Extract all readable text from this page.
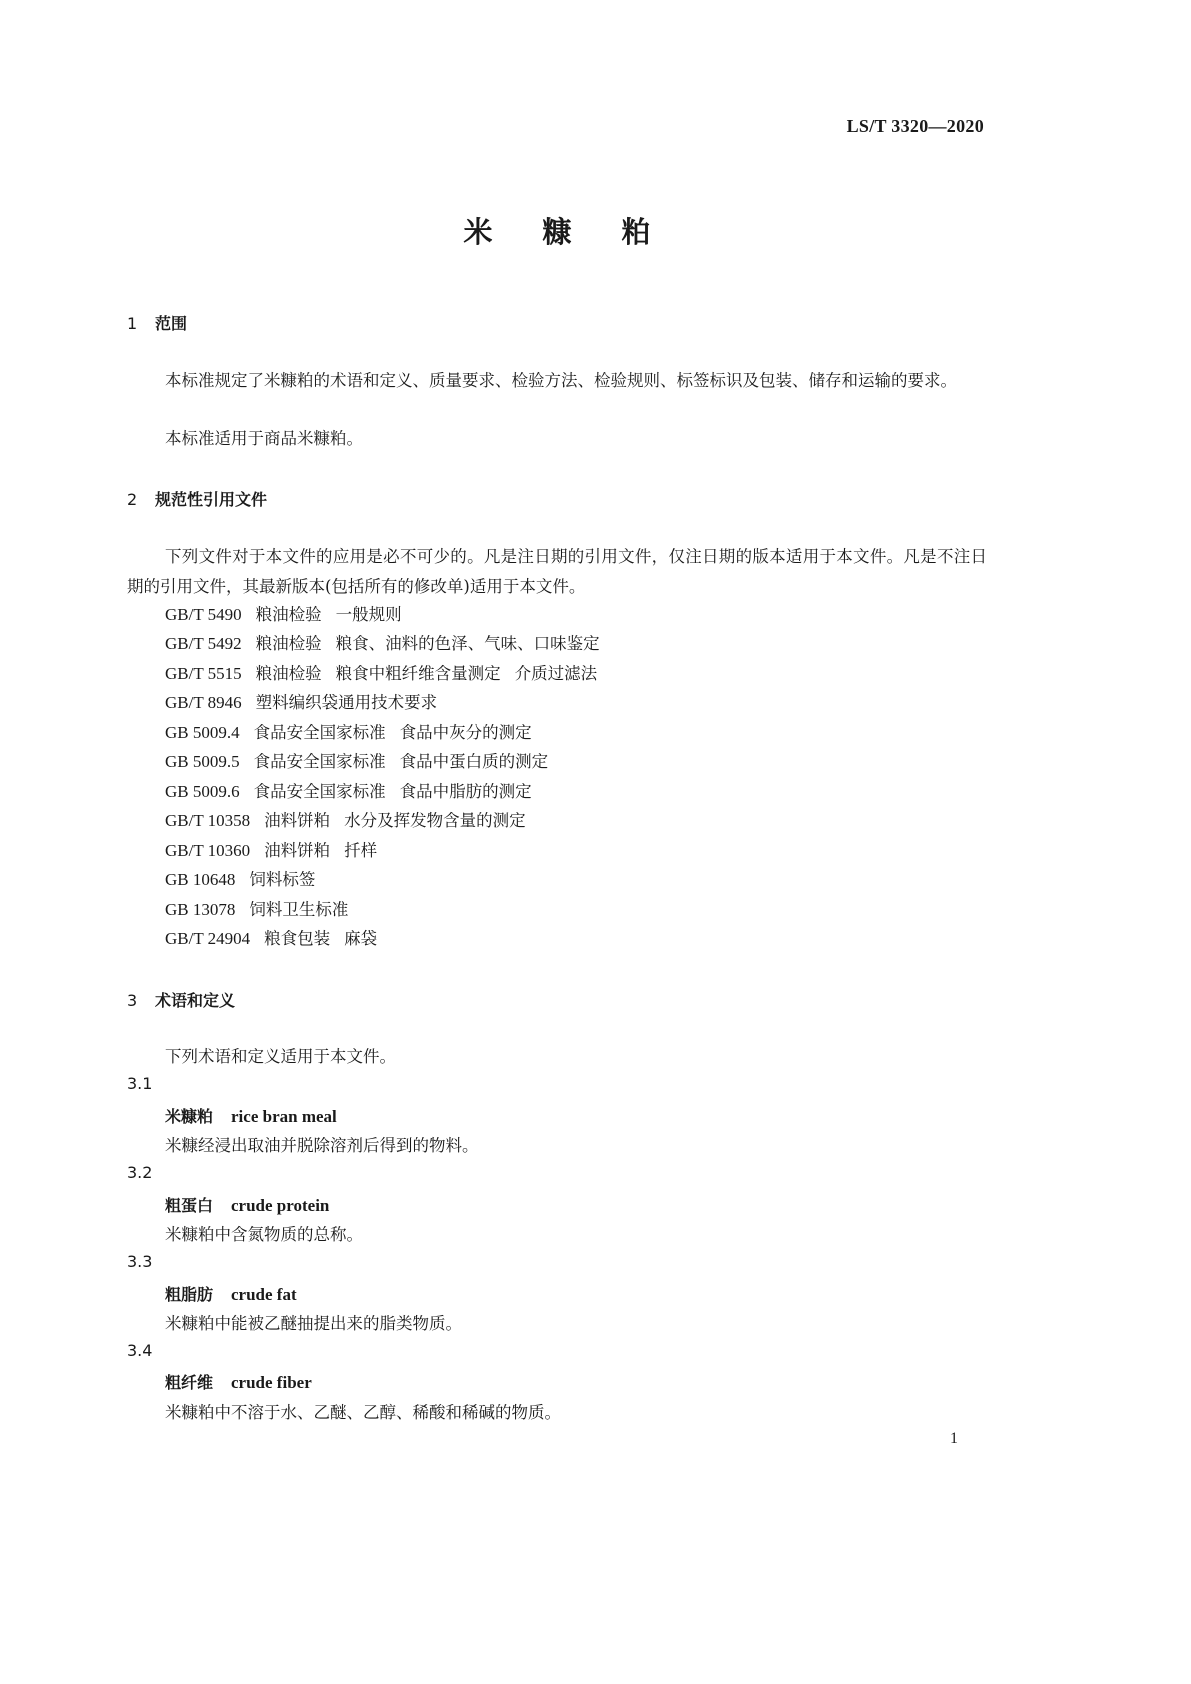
LS/T 3320—2020
米糠粕
1 范围
本标准规定了米糠粕的术语和定义、质量要求、检验方法、检验规则、标签标识及包装、储存和运输的要求。
本标准适用于商品米糠粕。
2 规范性引用文件
下列文件对于本文件的应用是必不可少的。凡是注日期的引用文件，仅注日期的版本适用于本文件。凡是不注日期的引用文件，其最新版本(包括所有的修改单)适用于本文件。
GB/T 5490 粮油检验 一般规则
GB/T 5492 粮油检验 粮食、油料的色泽、气味、口味鉴定
GB/T 5515 粮油检验 粮食中粗纤维含量测定 介质过滤法
GB/T 8946 塑料编织袋通用技术要求
GB 5009.4 食品安全国家标准 食品中灰分的测定
GB 5009.5 食品安全国家标准 食品中蛋白质的测定
GB 5009.6 食品安全国家标准 食品中脂肪的测定
GB/T 10358 油料饼粕 水分及挥发物含量的测定
GB/T 10360 油料饼粕 扦样
GB 10648 饲料标签
GB 13078 饲料卫生标准
GB/T 24904 粮食包装 麻袋
3 术语和定义
下列术语和定义适用于本文件。
3.1
米糠粕 rice bran meal
米糠经浸出取油并脱除溶剂后得到的物料。
3.2
粗蛋白 crude protein
米糠粕中含氮物质的总称。
3.3
粗脂肪 crude fat
米糠粕中能被乙醚抽提出来的脂类物质。
3.4
粗纤维 crude fiber
米糠粕中不溶于水、乙醚、乙醇、稀酸和稀碱的物质。
1
